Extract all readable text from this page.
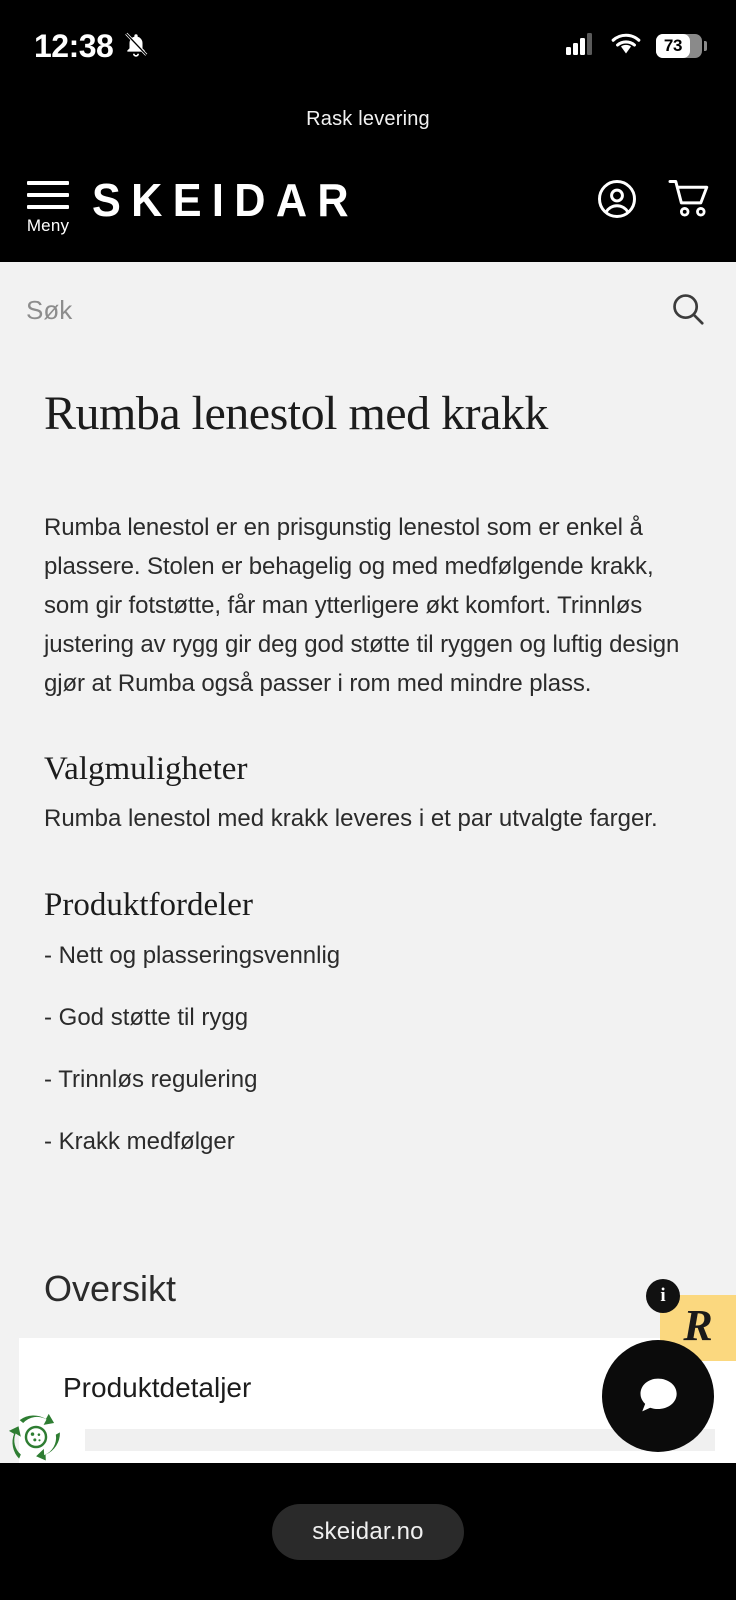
12:38	73
Rask levering
Meny SKEIDAR
Søk
Rumba lenestol med krakk

Rumba lenestol er en prisgunstig lenestol som er enkel å plassere. Stolen er behagelig og med medfølgende krakk, som gir fotstøtte, får man ytterligere økt komfort. Trinnløs justering av rygg gir deg god støtte til ryggen og luftig design gjør at Rumba også passer i rom med mindre plass.

Valgmuligheter

Rumba lenestol med krakk leveres i et par utvalgte farger.

Produktfordeler
- Nett og plasseringsvennlig
- God støtte til rygg
- Trinnløs regulering
- Krakk medfølger
Oversikt
Produktdetaljer
i
R
skeidar.no
